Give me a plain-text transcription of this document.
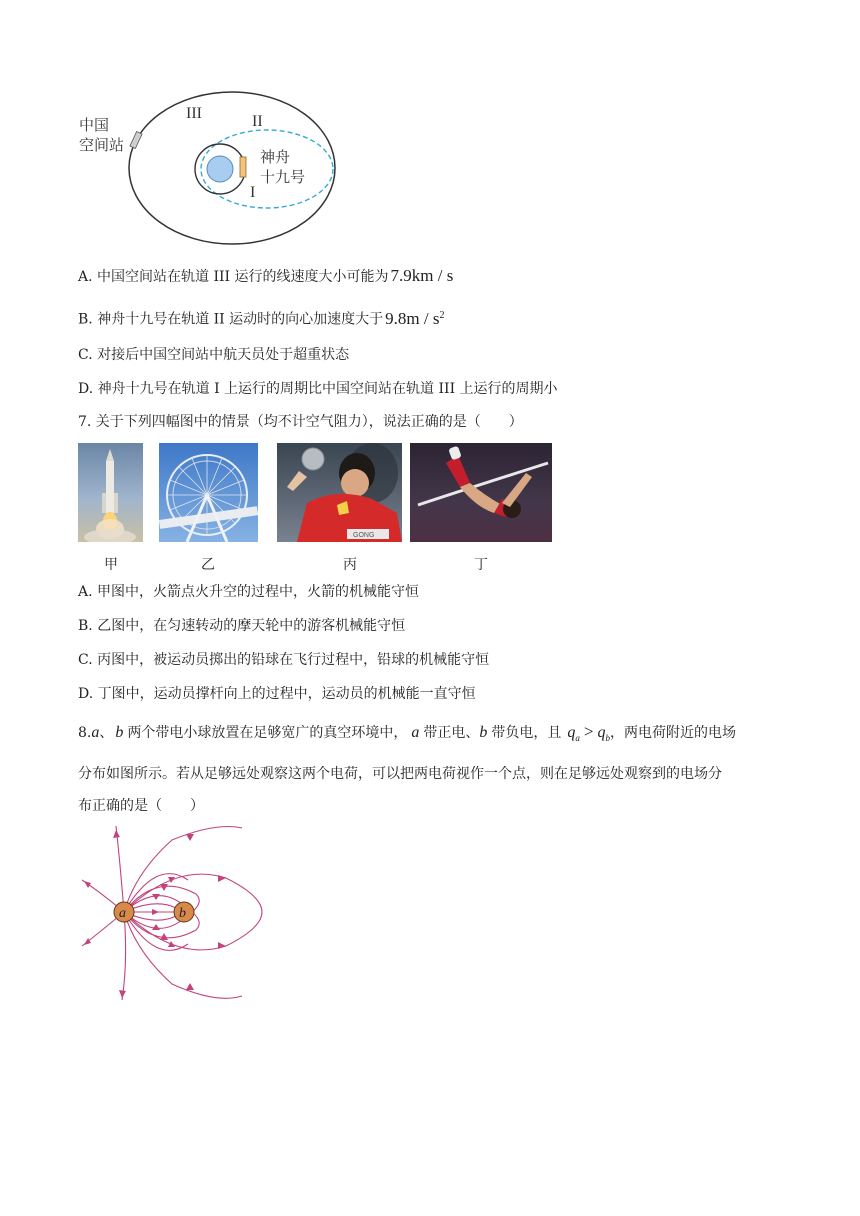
中国
空间站
III	II
I
神舟
十九号
A. 中国空间站在轨道 III 运行的线速度大小可能为 7.9km / s
B. 神舟十九号在轨道 II 运动时的向心加速度大于 $9.8m / s^2$
C. 对接后中国空间站中航天员处于超重状态
D. 神舟十九号在轨道 I 上运行的周期比中国空间站在轨道 III 上运行的周期小
7. 关于下列四幅图中的情景（均不计空气阻力），说法正确的是（　　）
GONG
甲	乙	丙	丁
A. 甲图中，火箭点火升空的过程中，火箭的机械能守恒
B. 乙图中，在匀速转动的摩天轮中的游客机械能守恒
C. 丙图中，被运动员掷出的铅球在飞行过程中，铅球的机械能守恒
D. 丁图中，运动员撑杆向上的过程中，运动员的机械能一直守恒
8.a、 b 两个带电小球放置在足够宽广的真空环境中， a 带正电、b 带负电，且 $q_a > q_b$，两电荷附近的电场
分布如图所示。若从足够远处观察这两个电荷，可以把两电荷视作一个点，则在足够远处观察到的电场分
布正确的是（　　）
a	b
